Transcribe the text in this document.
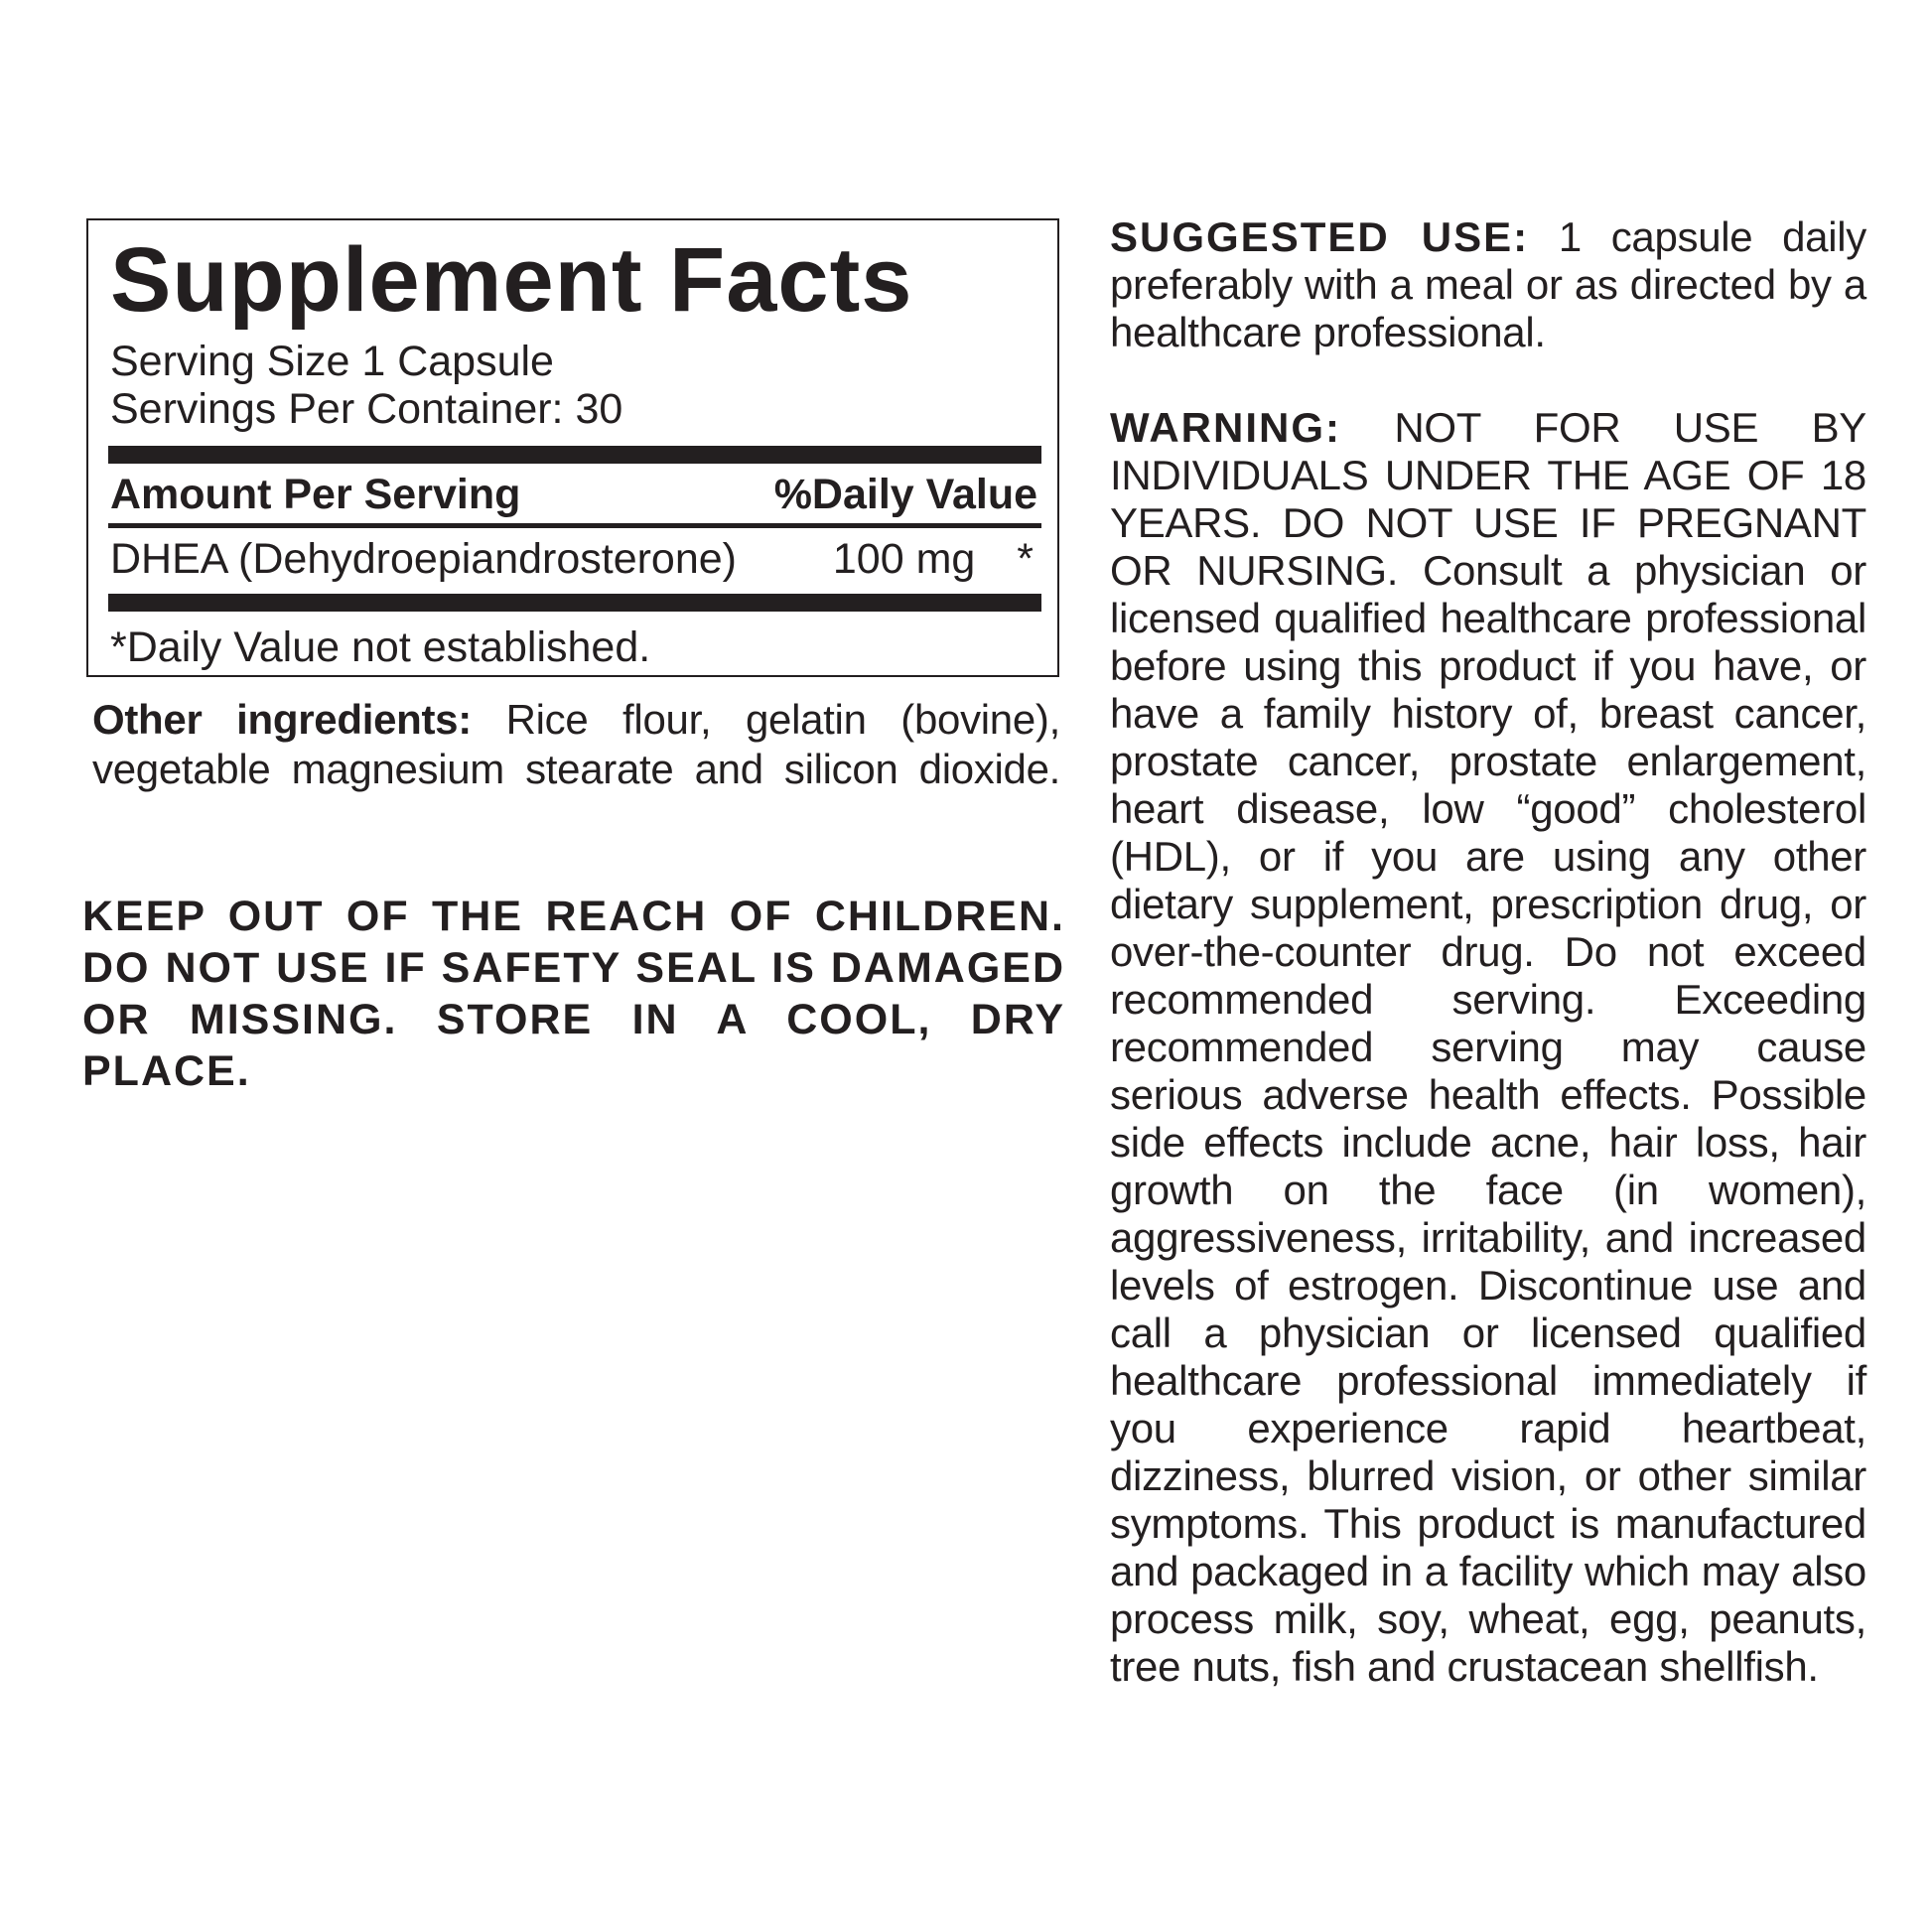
Supplement Facts
Serving Size 1 Capsule
Servings Per Container: 30
Amount Per Serving	%Daily Value
DHEA (Dehydroepiandrosterone) 100 mg *
*Daily Value not established.
Other ingredients: Rice flour, gelatin (bovine), vegetable magnesium stearate and silicon dioxide.
KEEP OUT OF THE REACH OF CHILDREN. DO NOT USE IF SAFETY SEAL IS DAMAGED OR MISSING. STORE IN A COOL, DRY PLACE.

SUGGESTED USE: 1 capsule daily preferably with a meal or as directed by a healthcare professional.

WARNING: NOT FOR USE BY INDIVIDUALS UNDER THE AGE OF 18 YEARS. DO NOT USE IF PREGNANT OR NURSING. Consult a physician or licensed qualified healthcare professional before using this product if you have, or have a family history of, breast cancer, prostate cancer, prostate enlargement, heart disease, low “good” cholesterol (HDL), or if you are using any other dietary supplement, prescription drug, or over-the-counter drug. Do not exceed recommended serving. Exceeding recommended serving may cause serious adverse health effects. Possible side effects include acne, hair loss, hair growth on the face (in women), aggressiveness, irritability, and increased levels of estrogen. Discontinue use and call a physician or licensed qualified healthcare professional immediately if you experience rapid heartbeat, dizziness, blurred vision, or other similar symptoms. This product is manufactured and packaged in a facility which may also process milk, soy, wheat, egg, peanuts, tree nuts, fish and crustacean shellfish.
